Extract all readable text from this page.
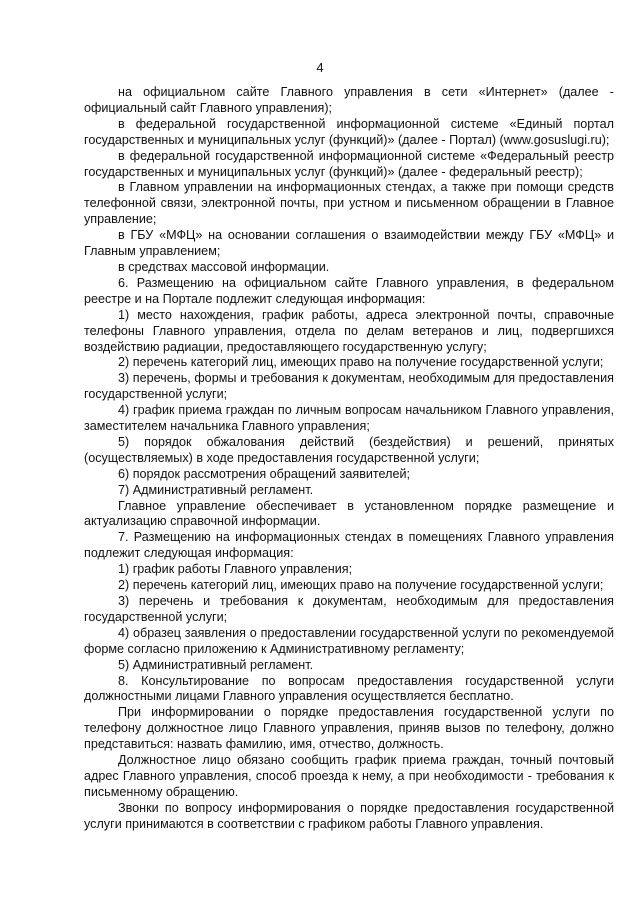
4

на официальном сайте Главного управления в сети «Интернет» (далее - официальный сайт Главного управления);

в федеральной государственной информационной системе «Единый портал государственных и муниципальных услуг (функций)» (далее - Портал) (www.gosuslugi.ru);

в федеральной государственной информационной системе «Федеральный реестр государственных и муниципальных услуг (функций)» (далее - федеральный реестр);

в Главном управлении на информационных стендах, а также при помощи средств телефонной связи, электронной почты, при устном и письменном обращении в Главное управление;

в ГБУ «МФЦ» на основании соглашения о взаимодействии между ГБУ «МФЦ» и Главным управлением;

в средствах массовой информации.

6. Размещению на официальном сайте Главного управления, в федеральном реестре и на Портале подлежит следующая информация:

1) место нахождения, график работы, адреса электронной почты, справочные телефоны Главного управления, отдела по делам ветеранов и лиц, подвергшихся воздействию радиации, предоставляющего государственную услугу;

2) перечень категорий лиц, имеющих право на получение государственной услуги;

3) перечень, формы и требования к документам, необходимым для предоставления государственной услуги;

4) график приема граждан по личным вопросам начальником Главного управления, заместителем начальника Главного управления;

5) порядок обжалования действий (бездействия) и решений, принятых (осуществляемых) в ходе предоставления государственной услуги;

6) порядок рассмотрения обращений заявителей;

7) Административный регламент.

Главное управление обеспечивает в установленном порядке размещение и актуализацию справочной информации.

7. Размещению на информационных стендах в помещениях Главного управления подлежит следующая информация:

1) график работы Главного управления;

2) перечень категорий лиц, имеющих право на получение государственной услуги;

3) перечень и требования к документам, необходимым для предоставления государственной услуги;

4) образец заявления о предоставлении государственной услуги по рекомендуемой форме согласно приложению к Административному регламенту;

5) Административный регламент.

8. Консультирование по вопросам предоставления государственной услуги должностными лицами Главного управления осуществляется бесплатно.

При информировании о порядке предоставления государственной услуги по телефону должностное лицо Главного управления, приняв вызов по телефону, должно представиться: назвать фамилию, имя, отчество, должность.

Должностное лицо обязано сообщить график приема граждан, точный почтовый адрес Главного управления, способ проезда к нему, а при необходимости - требования к письменному обращению.

Звонки по вопросу информирования о порядке предоставления государственной услуги принимаются в соответствии с графиком работы Главного управления.
